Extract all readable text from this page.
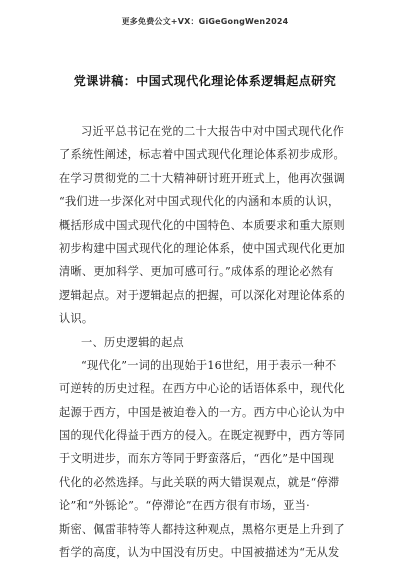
更多免费公文+VX：GiGeGongWen2024
党课讲稿：中国式现代化理论体系逻辑起点研究
习近平总书记在党的二十大报告中对中国式现代化作
了系统性阐述，标志着中国式现代化理论体系初步成形。
在学习贯彻党的二十大精神研讨班开班式上，他再次强调
“我们进一步深化对中国式现代化的内涵和本质的认识，
概括形成中国式现代化的中国特色、本质要求和重大原则
初步构建中国式现代化的理论体系，使中国式现代化更加
清晰、更加科学、更加可感可行。”成体系的理论必然有
逻辑起点。对于逻辑起点的把握，可以深化对理论体系的
认识。
一、历史逻辑的起点
“现代化”一词的出现始于16世纪，用于表示一种不
可逆转的历史过程。在西方中心论的话语体系中，现代化
起源于西方，中国是被迫卷入的一方。西方中心论认为中
国的现代化得益于西方的侵入。在既定视野中，西方等同
于文明进步，而东方等同于野蛮落后，“西化”是中国现
代化的必然选择。与此关联的两大错误观点，就是“停滞
论”和“外铄论”。“停滞论”在西方很有市场，亚当·
斯密、佩雷菲特等人都持这种观点，黑格尔更是上升到了
哲学的高度，认为中国没有历史。中国被描述为“无从发
